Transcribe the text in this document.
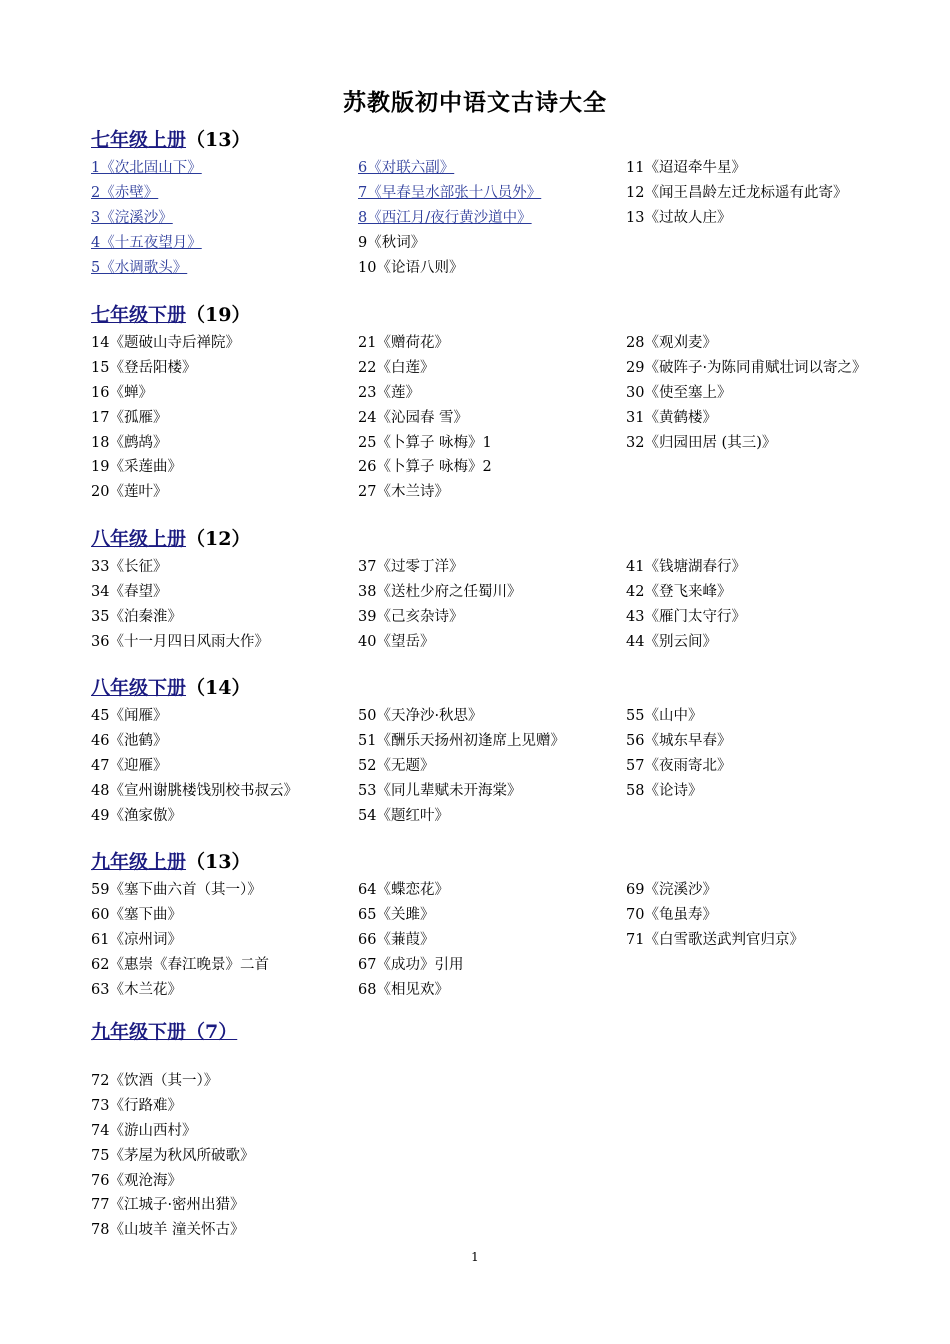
苏教版初中语文古诗大全
七年级上册（13）
1《次北固山下》
2《赤壁》
3《浣溪沙》
4《十五夜望月》
5《水调歌头》
6《对联六副》
7《早春呈水部张十八员外》
8《西江月/夜行黄沙道中》
9《秋词》
10《论语八则》
11《迢迢牵牛星》
12《闻王昌龄左迁龙标遥有此寄》
13《过故人庄》
七年级下册（19）
14《题破山寺后禅院》
15《登岳阳楼》
16《蝉》
17《孤雁》
18《鹧鸪》
19《采莲曲》
20《莲叶》
21《赠荷花》
22《白莲》
23《莲》
24《沁园春 雪》
25《卜算子 咏梅》1
26《卜算子 咏梅》2
27《木兰诗》
28《观刈麦》
29《破阵子·为陈同甫赋壮词以寄之》
30《使至塞上》
31《黄鹤楼》
32《归园田居 (其三)》
八年级上册（12）
33《长征》
34《春望》
35《泊秦淮》
36《十一月四日风雨大作》
37《过零丁洋》
38《送杜少府之任蜀川》
39《己亥杂诗》
40《望岳》
41《钱塘湖春行》
42《登飞来峰》
43《雁门太守行》
44《别云间》
八年级下册（14）
45《闻雁》
46《池鹤》
47《迎雁》
48《宣州谢朓楼饯别校书叔云》
49《渔家傲》
50《天净沙·秋思》
51《酬乐天扬州初逢席上见赠》
52《无题》
53《同儿辈赋未开海棠》
54《题红叶》
55《山中》
56《城东早春》
57《夜雨寄北》
58《论诗》
九年级上册（13）
59《塞下曲六首（其一）》
60《塞下曲》
61《凉州词》
62《惠崇《春江晚景》二首
63《木兰花》
64《蝶恋花》
65《关雎》
66《蒹葭》
67《成功》引用
68《相见欢》
69《浣溪沙》
70《龟虽寿》
71《白雪歌送武判官归京》
九年级下册（7）
72《饮酒（其一）》
73《行路难》
74《游山西村》
75《茅屋为秋风所破歌》
76《观沧海》
77《江城子·密州出猎》
78《山坡羊 潼关怀古》
1
